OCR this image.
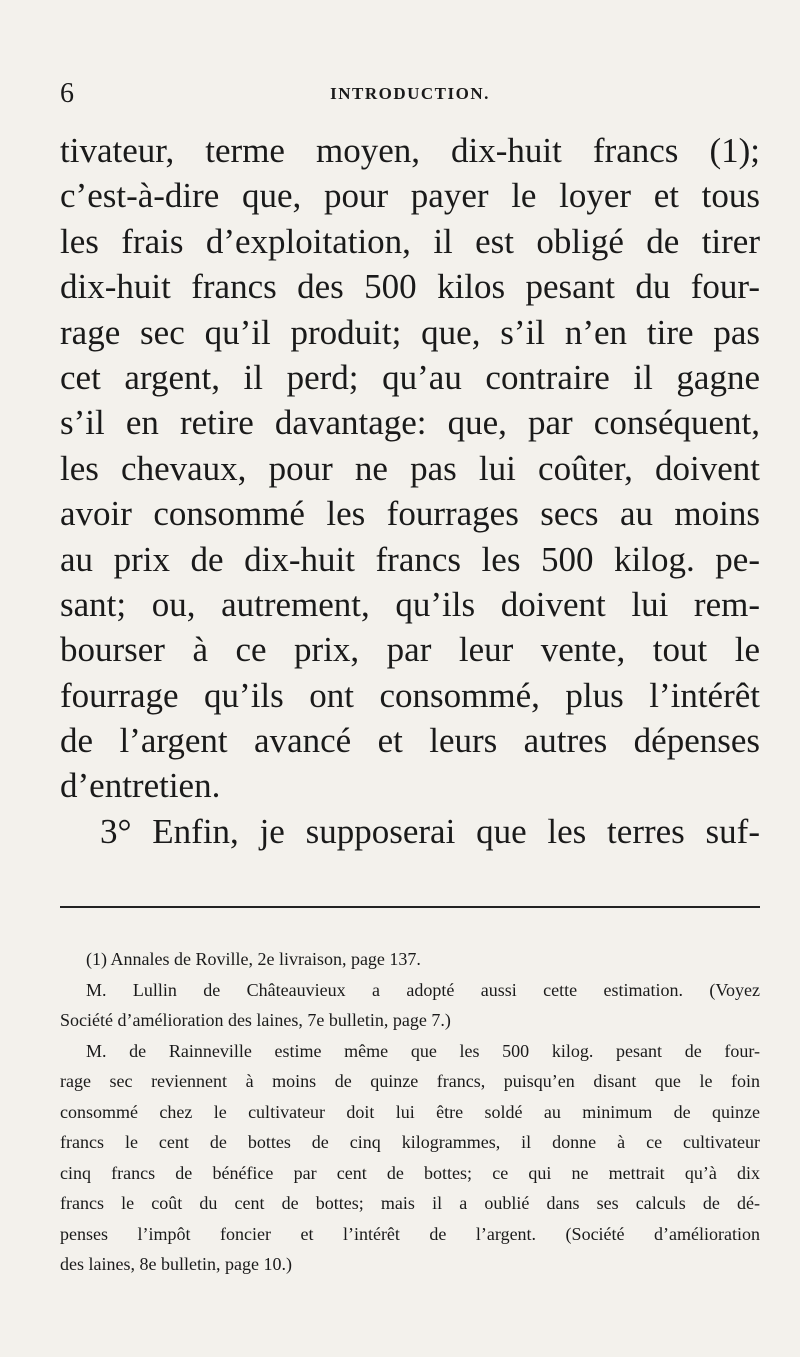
6	INTRODUCTION.
tivateur, terme moyen, dix-huit francs (1);
c’est-à-dire que, pour payer le loyer et tous
les frais d’exploitation, il est obligé de tirer
dix-huit francs des 500 kilos pesant du four-
rage sec qu’il produit; que, s’il n’en tire pas
cet argent, il perd; qu’au contraire il gagne
s’il en retire davantage: que, par conséquent,
les chevaux, pour ne pas lui coûter, doivent
avoir consommé les fourrages secs au moins
au prix de dix-huit francs les 500 kilog. pe-
sant; ou, autrement, qu’ils doivent lui rem-
bourser à ce prix, par leur vente, tout le
fourrage qu’ils ont consommé, plus l’intérêt
de l’argent avancé et leurs autres dépenses
d’entretien.
3° Enfin, je supposerai que les terres suf-
(1) Annales de Roville, 2e livraison, page 137.
M. Lullin de Châteauvieux a adopté aussi cette estimation. (Voyez
Société d’amélioration des laines, 7e bulletin, page 7.)
M. de Rainneville estime même que les 500 kilog. pesant de four-
rage sec reviennent à moins de quinze francs, puisqu’en disant que le foin
consommé chez le cultivateur doit lui être soldé au minimum de quinze
francs le cent de bottes de cinq kilogrammes, il donne à ce cultivateur
cinq francs de bénéfice par cent de bottes; ce qui ne mettrait qu’à dix
francs le coût du cent de bottes; mais il a oublié dans ses calculs de dé-
penses l’impôt foncier et l’intérêt de l’argent. (Société d’amélioration
des laines, 8e bulletin, page 10.)
